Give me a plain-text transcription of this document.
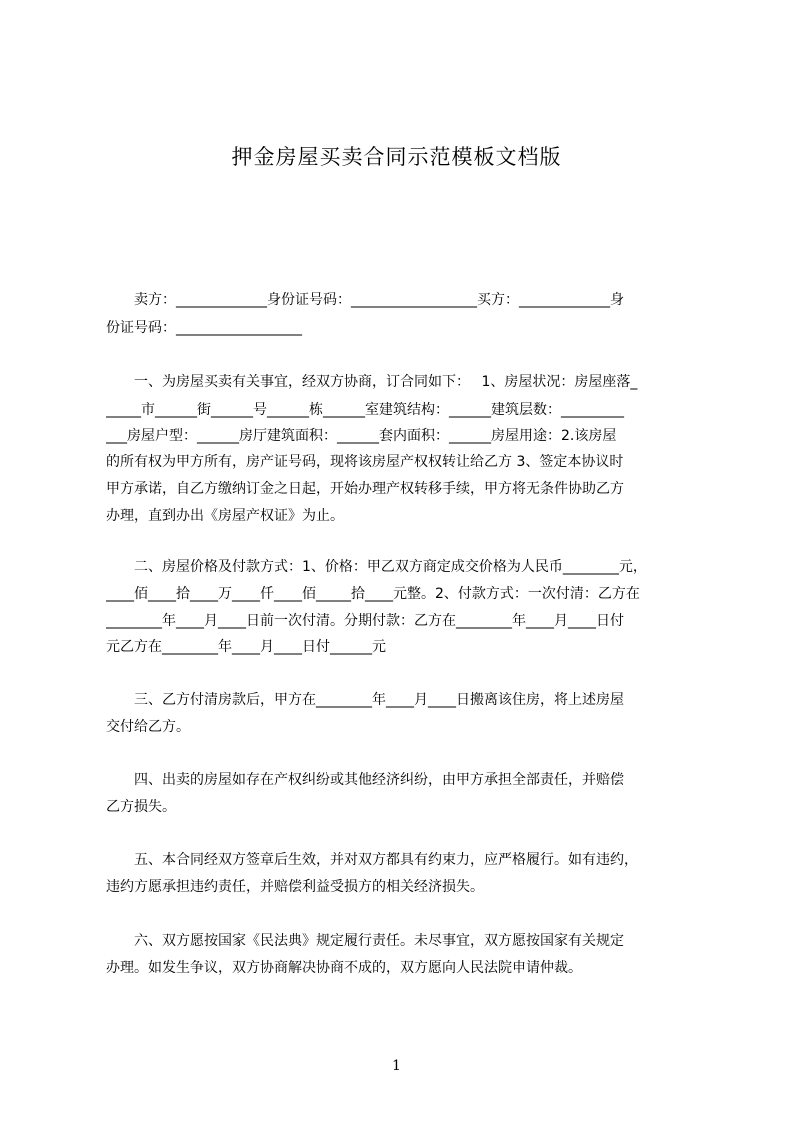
押金房屋买卖合同示范模板文档版
　　卖方：_____________身份证号码：__________________买方：_____________身
份证号码：__________________
　　一、为房屋买卖有关事宜，经双方协商，订合同如下：　 1、房屋状况：房屋座落_
_____市______街______号______栋______室建筑结构：______建筑层数：_________
___房屋户型：______房厅建筑面积：______套内面积：______房屋用途：2.该房屋
的所有权为甲方所有，房产证号码，现将该房屋产权权转让给乙方 3、签定本协议时
甲方承诺，自乙方缴纳订金之日起，开始办理产权转移手续，甲方将无条件协助乙方
办理，直到办出《房屋产权证》为止。
　　二、房屋价格及付款方式：1、价格：甲乙双方商定成交价格为人民币________元，
____佰____拾____万____仟____佰_____拾____元整。2、付款方式：一次付清：乙方在
________年____月____日前一次付清。分期付款：乙方在________年____月____日付
元乙方在________年____月____日付______元
　　三、乙方付清房款后，甲方在________年____月____日搬离该住房，将上述房屋
交付给乙方。
　　四、出卖的房屋如存在产权纠纷或其他经济纠纷，由甲方承担全部责任，并赔偿
乙方损失。
　　五、本合同经双方签章后生效，并对双方都具有约束力，应严格履行。如有违约，
违约方愿承担违约责任，并赔偿利益受损方的相关经济损失。
　　六、双方愿按国家《民法典》规定履行责任。未尽事宜，双方愿按国家有关规定
办理。如发生争议，双方协商解决协商不成的，双方愿向人民法院申请仲裁。
1
